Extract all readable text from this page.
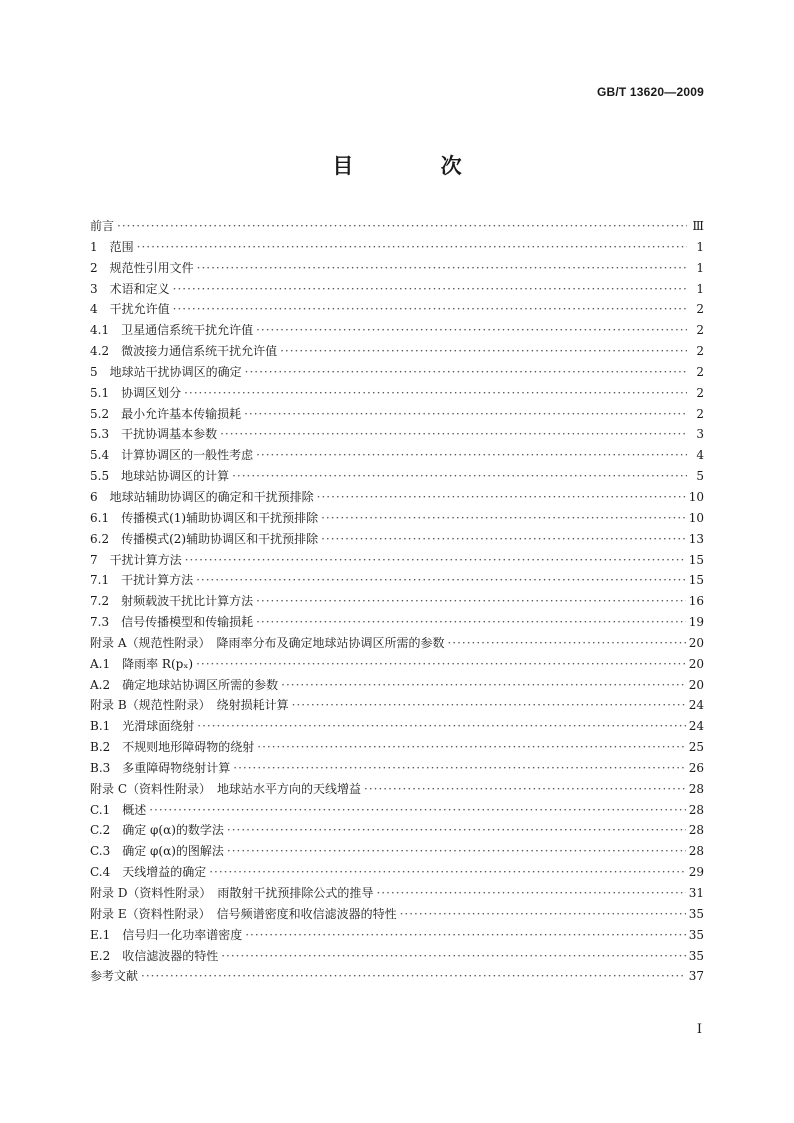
GB/T 13620—2009
目 次
前言 ·····	Ⅲ
1　范围 ·····	1
2　规范性引用文件 ·····	1
3　术语和定义 ·····	1
4　干扰允许值 ·····	2
4.1　卫星通信系统干扰允许值 ·····	2
4.2　微波接力通信系统干扰允许值 ·····	2
5　地球站干扰协调区的确定 ·····	2
5.1　协调区划分 ·····	2
5.2　最小允许基本传输损耗 ·····	2
5.3　干扰协调基本参数 ·····	3
5.4　计算协调区的一般性考虑 ·····	4
5.5　地球站协调区的计算 ·····	5
6　地球站辅助协调区的确定和干扰预排除 ·····	10
6.1　传播模式(1)辅助协调区和干扰预排除 ·····	10
6.2　传播模式(2)辅助协调区和干扰预排除 ·····	13
7　干扰计算方法 ·····	15
7.1　干扰计算方法 ·····	15
7.2　射频载波干扰比计算方法 ·····	16
7.3　信号传播模型和传输损耗 ·····	19
附录 A（规范性附录）　降雨率分布及确定地球站协调区所需的参数 ·····	20
A.1　降雨率 R(pₓ) ·····	20
A.2　确定地球站协调区所需的参数 ·····	20
附录 B（规范性附录）　绕射损耗计算 ·····	24
B.1　光滑球面绕射 ·····	24
B.2　不规则地形障碍物的绕射 ·····	25
B.3　多重障碍物绕射计算 ·····	26
附录 C（资料性附录）　地球站水平方向的天线增益 ·····	28
C.1　概述 ·····	28
C.2　确定 φ(α)的数学法 ·····	28
C.3　确定 φ(α)的图解法 ·····	28
C.4　天线增益的确定 ·····	29
附录 D（资料性附录）　雨散射干扰预排除公式的推导 ·····	31
附录 E（资料性附录）　信号频谱密度和收信滤波器的特性 ·····	35
E.1　信号归一化功率谱密度 ·····	35
E.2　收信滤波器的特性 ·····	35
参考文献 ·····	37
I
